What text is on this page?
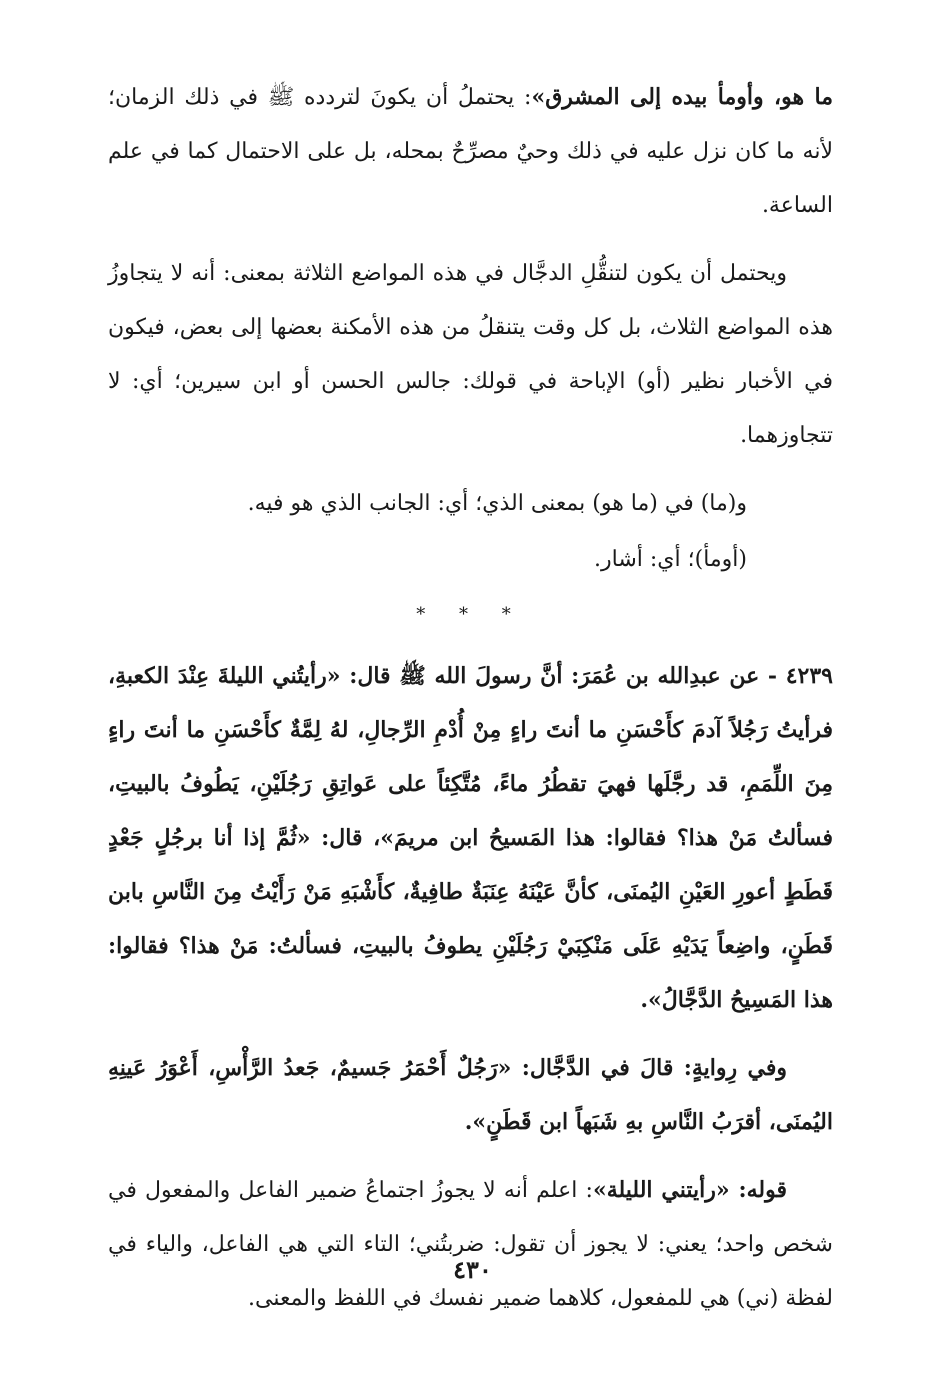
ما هو، وأومأ بيده إلى المشرق»: يحتملُ أن يكونَ لتردده ﷺ في ذلك الزمان؛ لأنه ما كان نزل عليه في ذلك وحيٌ مصرِّحٌ بمحله، بل على الاحتمال كما في علم الساعة.

ويحتمل أن يكون لتنقُّلِ الدجَّال في هذه المواضع الثلاثة بمعنى: أنه لا يتجاوزُ هذه المواضع الثلاث، بل كل وقت يتنقلُ من هذه الأمكنة بعضها إلى بعض، فيكون في الأخبار نظير (أو) الإباحة في قولك: جالس الحسن أو ابن سيرين؛ أي: لا تتجاوزهما.

و(ما) في (ما هو) بمعنى الذي؛ أي: الجانب الذي هو فيه.

(أومأ)؛ أي: أشار.

* * *

٤٢٣٩ - عن عبدِالله بن عُمَرَ: أنَّ رسولَ الله ﷺ قال: «رأيتُني الليلةَ عِنْدَ الكعبةِ، فرأيتُ رَجُلاً آدمَ كأَحْسَنِ ما أنتَ راءٍ مِنْ أُدْمِ الرِّجالِ، لهُ لِمَّةٌ كأَحْسَنِ ما أنتَ راءٍ مِنَ اللِّمَمِ، قد رجَّلَها فهيَ تقطُرُ ماءً، مُتَّكِئاً على عَواتِقِ رَجُلَيْنِ، يَطُوفُ بالبيتِ، فسألتُ مَنْ هذا؟ فقالوا: هذا المَسيحُ ابن مريمَ»، قال: «ثُمَّ إذا أنا برجُلٍ جَعْدٍ قَطَطٍ أعورِ العَيْنِ اليُمنَى، كأنَّ عَيْنَهُ عِنَبَةٌ طافِيةٌ، كأَشْبَهِ مَنْ رَأَيْتُ مِنَ النَّاسِ بابن قَطَنٍ، واضِعاً يَدَيْهِ عَلَى مَنْكِبَيْ رَجُلَيْنِ يطوفُ بالبيتِ، فسألتُ: مَنْ هذا؟ فقالوا: هذا المَسِيحُ الدَّجَّالُ».

وفي رِوايةٍ: قالَ في الدَّجَّال: «رَجُلٌ أَحْمَرُ جَسيمٌ، جَعدُ الرَّأْسِ، أَعْوَرُ عَينِهِ اليُمنَى، أقرَبُ النَّاسِ بهِ شَبَهاً ابن قَطَنٍ».

قوله: «رأيتني الليلة»: اعلم أنه لا يجوزُ اجتماعُ ضمير الفاعل والمفعول في شخص واحد؛ يعني: لا يجوز أن تقول: ضربتُني؛ التاء التي هي الفاعل، والياء في لفظة (ني) هي للمفعول، كلاهما ضمير نفسك في اللفظ والمعنى.

٤٣٠
